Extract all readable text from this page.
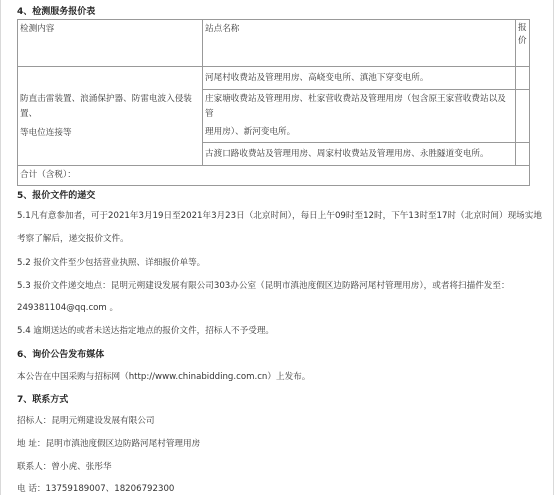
4、检测服务报价表
检测内容	站点名称	报
价

防直击雷装置、浪涌保护器、防雷电波入侵装置、
等电位连接等	河尾村收费站及管理用房、高峣变电所、滇池下穿变电所。	

	庄家塘收费站及管理用房、杜家营收费站及管理用房（包含原王家营收费站以及管
理用房）、新河变电所。	

	古渡口路收费站及管理用房、周家村收费站及管理用房、永胜隧道变电所。	

合计（含税）：		
5、报价文件的递交
5.1凡有意参加者，可于2021年3月19日至2021年3月23日（北京时间），每日上午09时至12时，下午13时至17时（北京时间）现场实地
考察了解后，递交报价文件。
5.2 报价文件至少包括营业执照、详细报价单等。
5.3 报价文件递交地点：昆明元朔建设发展有限公司303办公室（昆明市滇池度假区边防路河尾村管理用房），或者将扫描件发至：
249381104@qq.com 。
5.4 逾期送达的或者未送达指定地点的报价文件，招标人不予受理。
6、询价公告发布媒体
本公告在中国采购与招标网（http://www.chinabidding.com.cn）上发布。
7、联系方式
招标人：昆明元朔建设发展有限公司
地 址：昆明市滇池度假区边防路河尾村管理用房
联系人：曾小虎、张彤华
电 话：13759189007、18206792300
